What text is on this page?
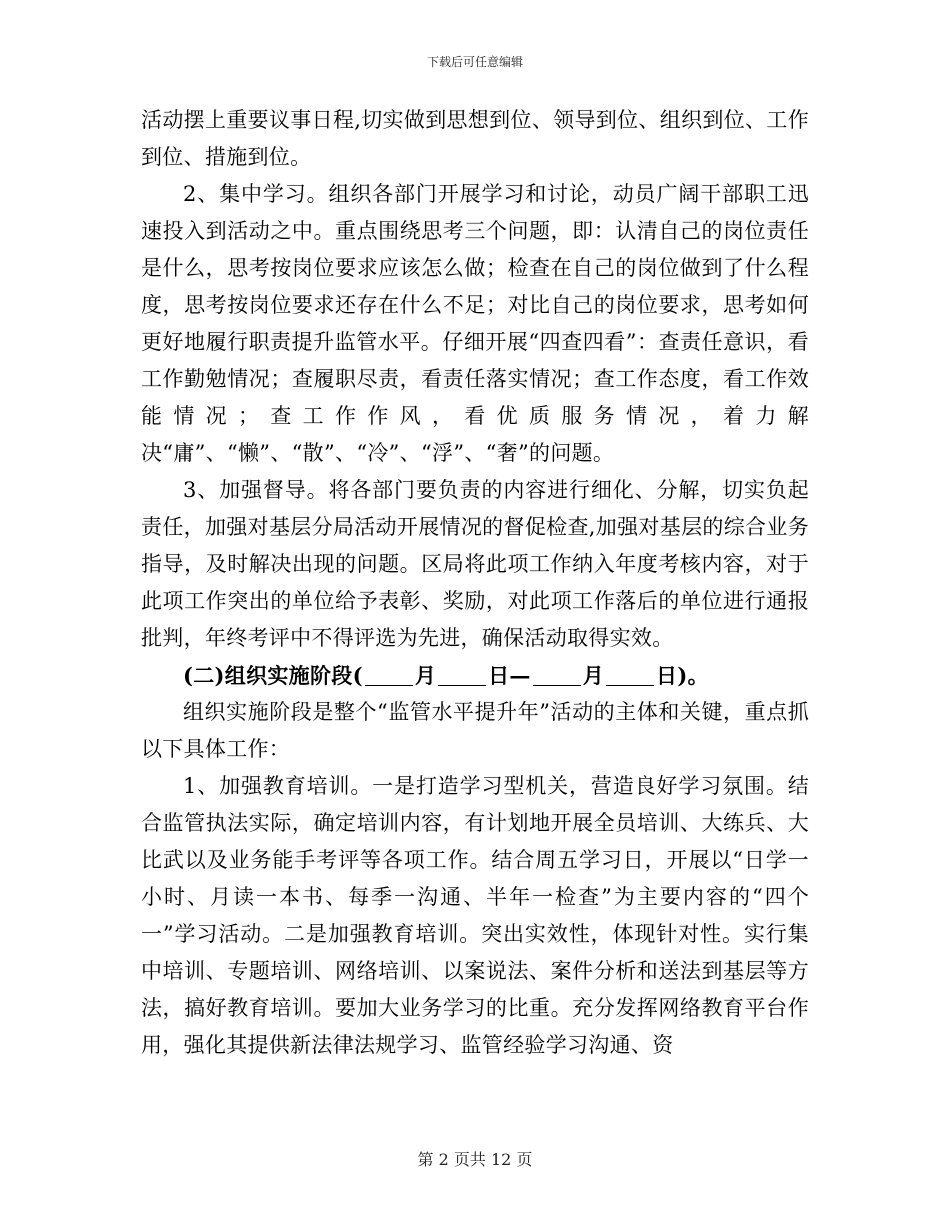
下载后可任意编辑

活动摆上重要议事日程,切实做到思想到位、领导到位、组织到位、工作到位、措施到位。

2、集中学习。组织各部门开展学习和讨论，动员广阔干部职工迅速投入到活动之中。重点围绕思考三个问题，即：认清自己的岗位责任是什么，思考按岗位要求应该怎么做；检查在自己的岗位做到了什么程度，思考按岗位要求还存在什么不足；对比自己的岗位要求，思考如何更好地履行职责提升监管水平。仔细开展“四查四看”：查责任意识，看工作勤勉情况；查履职尽责，看责任落实情况；查工作态度，看工作效能情况；查工作作风，看优质服务情况，着力解决“庸”、“懒”、“散”、“冷”、“浮”、“奢”的问题。

3、加强督导。将各部门要负责的内容进行细化、分解，切实负起责任，加强对基层分局活动开展情况的督促检查,加强对基层的综合业务指导，及时解决出现的问题。区局将此项工作纳入年度考核内容，对于此项工作突出的单位给予表彰、奖励，对此项工作落后的单位进行通报批判，年终考评中不得评选为先进，确保活动取得实效。

(二)组织实施阶段( 月 日— 月 日)。

组织实施阶段是整个“监管水平提升年”活动的主体和关键，重点抓以下具体工作：

1、加强教育培训。一是打造学习型机关，营造良好学习氛围。结合监管执法实际，确定培训内容，有计划地开展全员培训、大练兵、大比武以及业务能手考评等各项工作。结合周五学习日，开展以“日学一小时、月读一本书、每季一沟通、半年一检查”为主要内容的“四个一”学习活动。二是加强教育培训。突出实效性，体现针对性。实行集中培训、专题培训、网络培训、以案说法、案件分析和送法到基层等方法，搞好教育培训。要加大业务学习的比重。充分发挥网络教育平台作用，强化其提供新法律法规学习、监管经验学习沟通、资

第 2 页共 12 页
